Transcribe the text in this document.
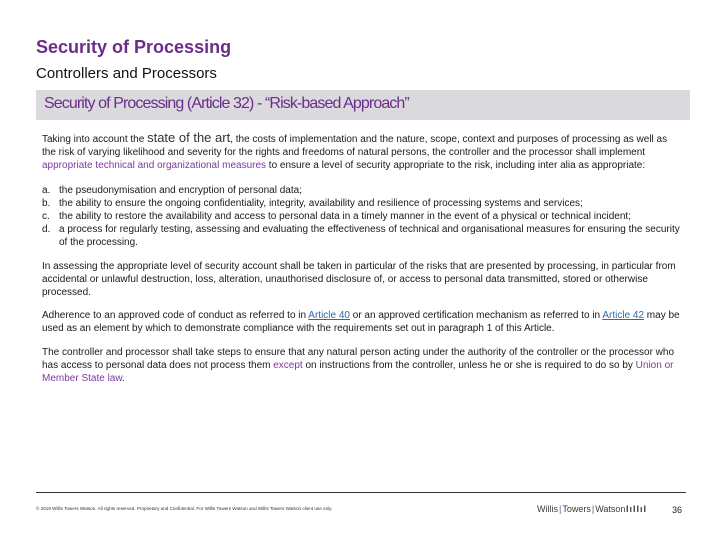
Security of Processing
Controllers and Processors
Security of Processing (Article 32) - “Risk-based Approach”

Taking into account the state of the art, the costs of implementation and the nature, scope, context and purposes of processing as well as the risk of varying likelihood and severity for the rights and freedoms of natural persons, the controller and the processor shall implement appropriate technical and organizational measures to ensure a level of security appropriate to the risk, including inter alia as appropriate:

a. the pseudonymisation and encryption of personal data;
b. the ability to ensure the ongoing confidentiality, integrity, availability and resilience of processing systems and services;
c. the ability to restore the availability and access to personal data in a timely manner in the event of a physical or technical incident;
d. a process for regularly testing, assessing and evaluating the effectiveness of technical and organisational measures for ensuring the security of the processing.

In assessing the appropriate level of security account shall be taken in particular of the risks that are presented by processing, in particular from accidental or unlawful destruction, loss, alteration, unauthorised disclosure of, or access to personal data transmitted, stored or otherwise processed.

Adherence to an approved code of conduct as referred to in Article 40 or an approved certification mechanism as referred to in Article 42 may be used as an element by which to demonstrate compliance with the requirements set out in paragraph 1 of this Article.

The controller and processor shall take steps to ensure that any natural person acting under the authority of the controller or the processor who has access to personal data does not process them except on instructions from the controller, unless he or she is required to do so by Union or Member State law.

© 2018 Willis Towers Watson. All rights reserved. Proprietary and Confidential. For Willis Towers Watson and Willis Towers Watson client use only.	Willis | Towers | Watson IıIIıI	36
